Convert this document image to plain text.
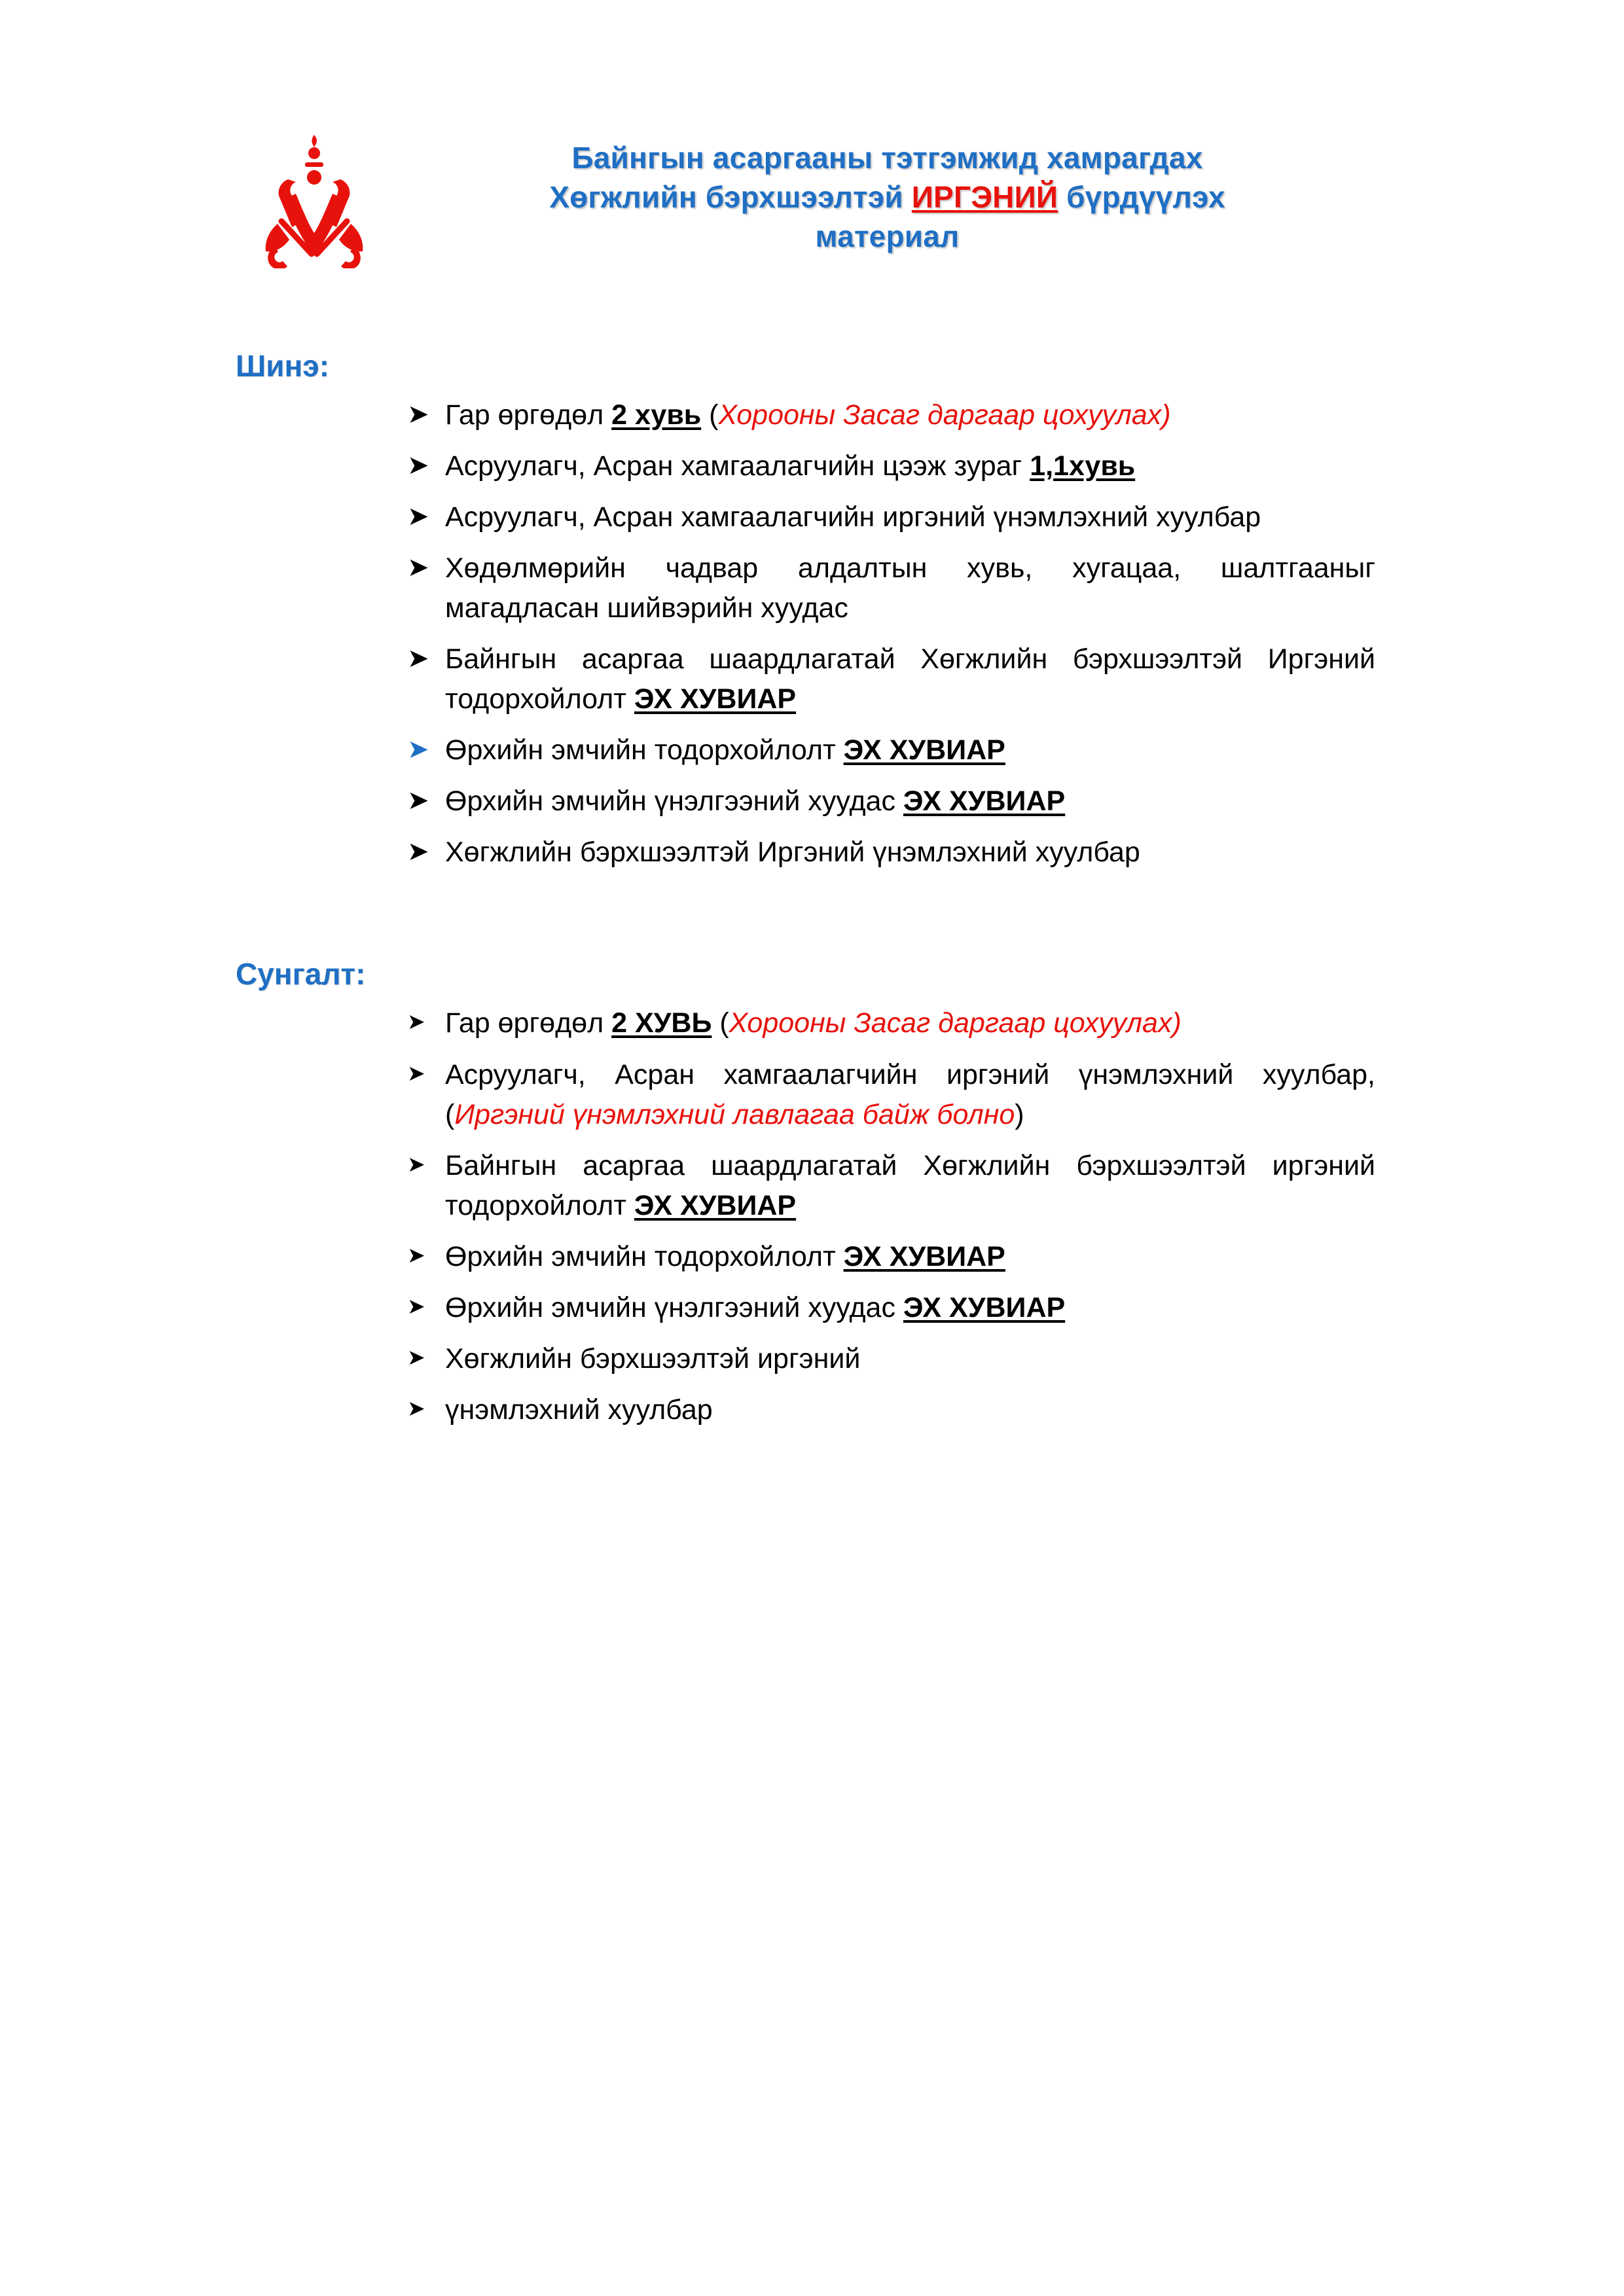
Байнгын асаргааны тэтгэмжид хамрагдах
Хөгжлийн бэрхшээлтэй ИРГЭНИЙ бүрдүүлэх
материал
Шинэ:
➤ Гар өргөдөл 2 хувь (Хорооны Засаг даргаар цохуулах)
➤ Асруулагч, Асран хамгаалагчийн цээж зураг 1,1хувь
➤ Асруулагч, Асран хамгаалагчийн иргэний үнэмлэхний хуулбар
➤ Хөдөлмөрийн чадвар алдалтын хувь, хугацаа, шалтгааныг магадласан шийвэрийн хуудас
➤ Байнгын асаргаа шаардлагатай Хөгжлийн бэрхшээлтэй Иргэний тодорхойлолт ЭХ ХУВИАР
➤ Өрхийн эмчийн тодорхойлолт ЭХ ХУВИАР
➤ Өрхийн эмчийн үнэлгээний хуудас ЭХ ХУВИАР
➤ Хөгжлийн бэрхшээлтэй Иргэний үнэмлэхний хуулбар
Сунгалт:
➤ Гар өргөдөл 2 ХУВЬ (Хорооны Засаг даргаар цохуулах)
➤ Асруулагч, Асран хамгаалагчийн иргэний үнэмлэхний хуулбар, (Иргэний үнэмлэхний лавлагаа байж болно)
➤ Байнгын асаргаа шаардлагатай Хөгжлийн бэрхшээлтэй иргэний тодорхойлолт ЭХ ХУВИАР
➤ Өрхийн эмчийн тодорхойлолт ЭХ ХУВИАР
➤ Өрхийн эмчийн үнэлгээний хуудас ЭХ ХУВИАР
➤ Хөгжлийн бэрхшээлтэй иргэний
➤ үнэмлэхний хуулбар
